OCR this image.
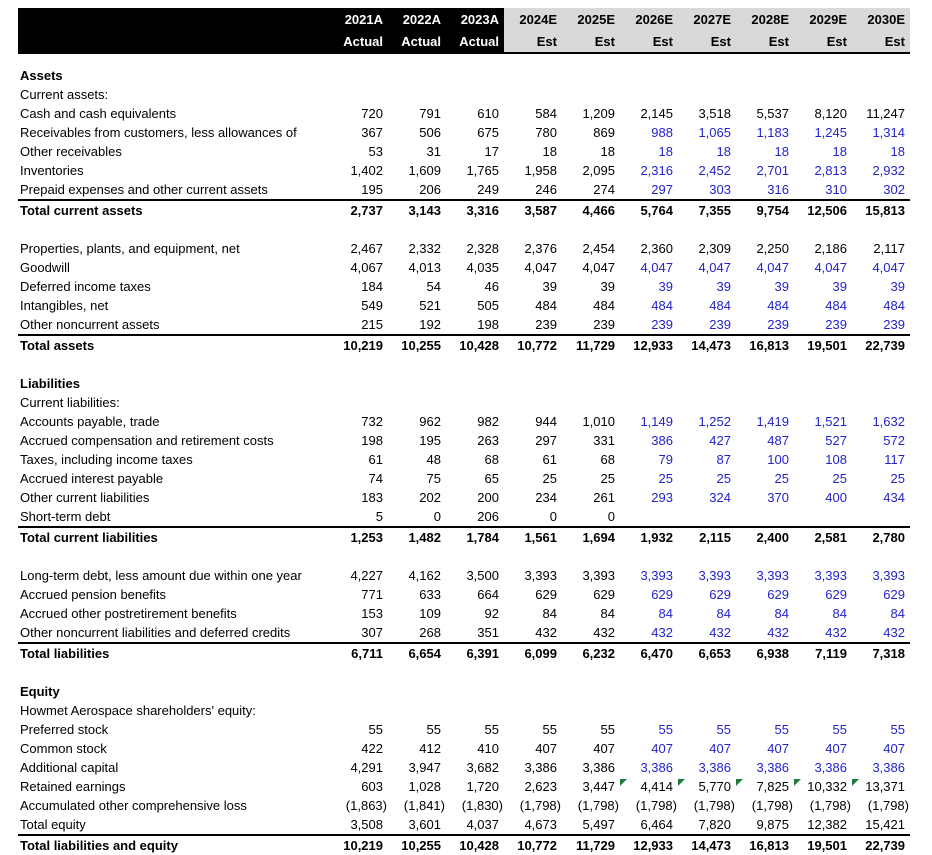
	2021A	2022A	2023A	2024E	2025E	2026E	2027E	2028E	2029E	2030E
	Actual	Actual	Actual	Est	Est	Est	Est	Est	Est	Est

Assets										
Current assets:										
Cash and cash equivalents	720	791	610	584	1,209	2,145	3,518	5,537	8,120	11,247
Receivables from customers, less allowances of	367	506	675	780	869	988	1,065	1,183	1,245	1,314
Other receivables	53	31	17	18	18	18	18	18	18	18
Inventories	1,402	1,609	1,765	1,958	2,095	2,316	2,452	2,701	2,813	2,932
Prepaid expenses and other current assets	195	206	249	246	274	297	303	316	310	302
Total current assets	2,737	3,143	3,316	3,587	4,466	5,764	7,355	9,754	12,506	15,813

Properties, plants, and equipment, net	2,467	2,332	2,328	2,376	2,454	2,360	2,309	2,250	2,186	2,117
Goodwill	4,067	4,013	4,035	4,047	4,047	4,047	4,047	4,047	4,047	4,047
Deferred income taxes	184	54	46	39	39	39	39	39	39	39
Intangibles, net	549	521	505	484	484	484	484	484	484	484
Other noncurrent assets	215	192	198	239	239	239	239	239	239	239
Total assets	10,219	10,255	10,428	10,772	11,729	12,933	14,473	16,813	19,501	22,739

Liabilities										
Current liabilities:										
Accounts payable, trade	732	962	982	944	1,010	1,149	1,252	1,419	1,521	1,632
Accrued compensation and retirement costs	198	195	263	297	331	386	427	487	527	572
Taxes, including income taxes	61	48	68	61	68	79	87	100	108	117
Accrued interest payable	74	75	65	25	25	25	25	25	25	25
Other current liabilities	183	202	200	234	261	293	324	370	400	434
Short-term debt	5	0	206	0	0					
Total current liabilities	1,253	1,482	1,784	1,561	1,694	1,932	2,115	2,400	2,581	2,780

Long-term debt, less amount due within one year	4,227	4,162	3,500	3,393	3,393	3,393	3,393	3,393	3,393	3,393
Accrued pension benefits	771	633	664	629	629	629	629	629	629	629
Accrued other postretirement benefits	153	109	92	84	84	84	84	84	84	84
Other noncurrent liabilities and deferred credits	307	268	351	432	432	432	432	432	432	432
Total liabilities	6,711	6,654	6,391	6,099	6,232	6,470	6,653	6,938	7,119	7,318

Equity										
Howmet Aerospace shareholders' equity:										
Preferred stock	55	55	55	55	55	55	55	55	55	55
Common stock	422	412	410	407	407	407	407	407	407	407
Additional capital	4,291	3,947	3,682	3,386	3,386	3,386	3,386	3,386	3,386	3,386
Retained earnings	603	1,028	1,720	2,623	3,447	4,414	5,770	7,825	10,332	13,371

Accumulated other comprehensive loss	(1,863)	(1,841)	(1,830)	(1,798)	(1,798)	(1,798)	(1,798)	(1,798)	(1,798)	(1,798)
Total equity	3,508	3,601	4,037	4,673	5,497	6,464	7,820	9,875	12,382	15,421
Total liabilities and equity	10,219	10,255	10,428	10,772	11,729	12,933	14,473	16,813	19,501	22,739
